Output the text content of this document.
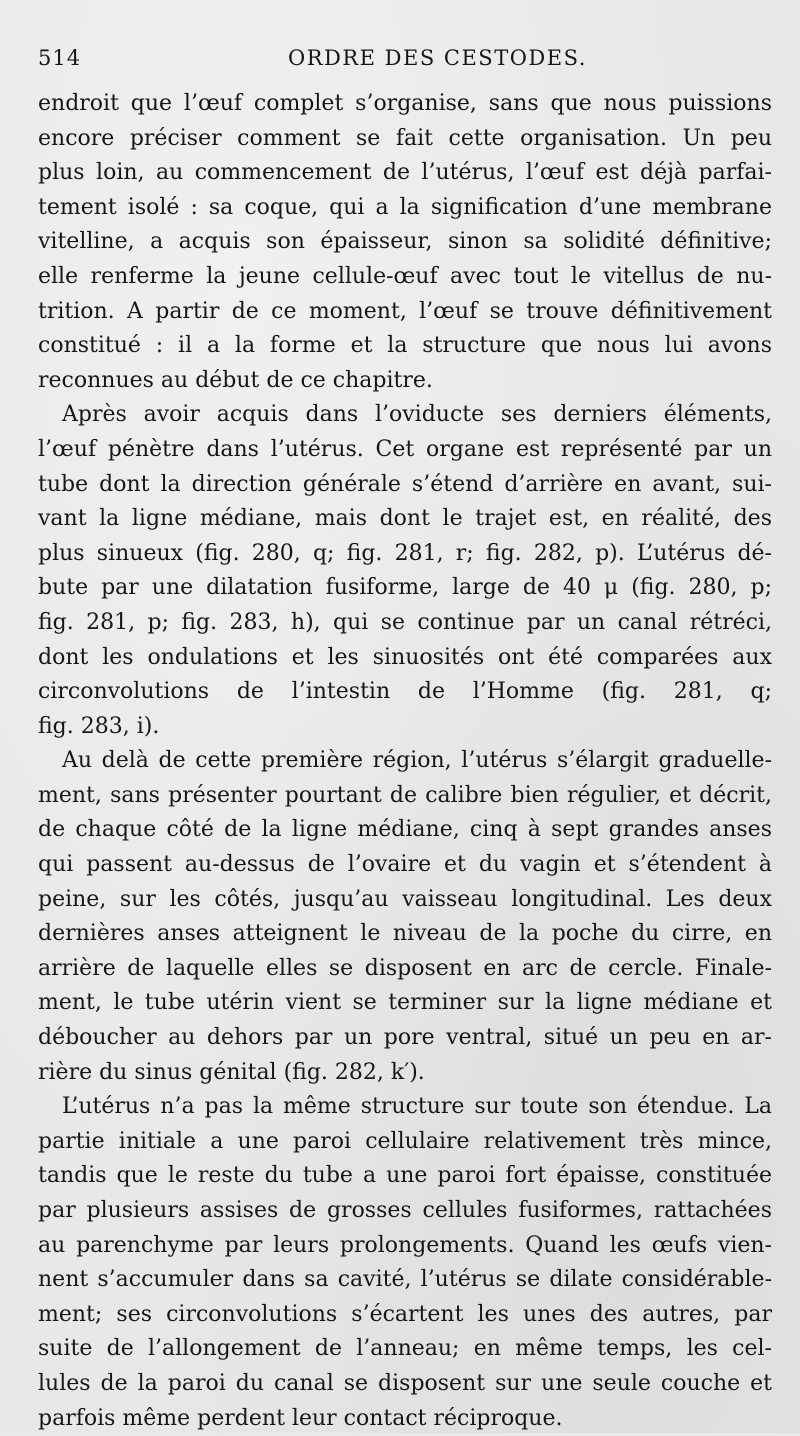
514	ORDRE DES CESTODES.
endroit que l’œuf complet s’organise, sans que nous puissions
encore préciser comment se fait cette organisation. Un peu
plus loin, au commencement de l’utérus, l’œuf est déjà parfai-
tement isolé : sa coque, qui a la signification d’une membrane
vitelline, a acquis son épaisseur, sinon sa solidité définitive;
elle renferme la jeune cellule-œuf avec tout le vitellus de nu-
trition. A partir de ce moment, l’œuf se trouve définitivement
constitué : il a la forme et la structure que nous lui avons
reconnues au début de ce chapitre.
Après avoir acquis dans l’oviducte ses derniers éléments,
l’œuf pénètre dans l’utérus. Cet organe est représenté par un
tube dont la direction générale s’étend d’arrière en avant, sui-
vant la ligne médiane, mais dont le trajet est, en réalité, des
plus sinueux (fig. 280, q; fig. 281, r; fig. 282, p). L’utérus dé-
bute par une dilatation fusiforme, large de 40 μ (fig. 280, p;
fig. 281, p; fig. 283, h), qui se continue par un canal rétréci,
dont les ondulations et les sinuosités ont été comparées aux
circonvolutions de l’intestin de l’Homme (fig. 281, q;
fig. 283, i).
Au delà de cette première région, l’utérus s’élargit graduelle-
ment, sans présenter pourtant de calibre bien régulier, et décrit,
de chaque côté de la ligne médiane, cinq à sept grandes anses
qui passent au-dessus de l’ovaire et du vagin et s’étendent à
peine, sur les côtés, jusqu’au vaisseau longitudinal. Les deux
dernières anses atteignent le niveau de la poche du cirre, en
arrière de laquelle elles se disposent en arc de cercle. Finale-
ment, le tube utérin vient se terminer sur la ligne médiane et
déboucher au dehors par un pore ventral, situé un peu en ar-
rière du sinus génital (fig. 282, k′).
L’utérus n’a pas la même structure sur toute son étendue. La
partie initiale a une paroi cellulaire relativement très mince,
tandis que le reste du tube a une paroi fort épaisse, constituée
par plusieurs assises de grosses cellules fusiformes, rattachées
au parenchyme par leurs prolongements. Quand les œufs vien-
nent s’accumuler dans sa cavité, l’utérus se dilate considérable-
ment; ses circonvolutions s’écartent les unes des autres, par
suite de l’allongement de l’anneau; en même temps, les cel-
lules de la paroi du canal se disposent sur une seule couche et
parfois même perdent leur contact réciproque.
